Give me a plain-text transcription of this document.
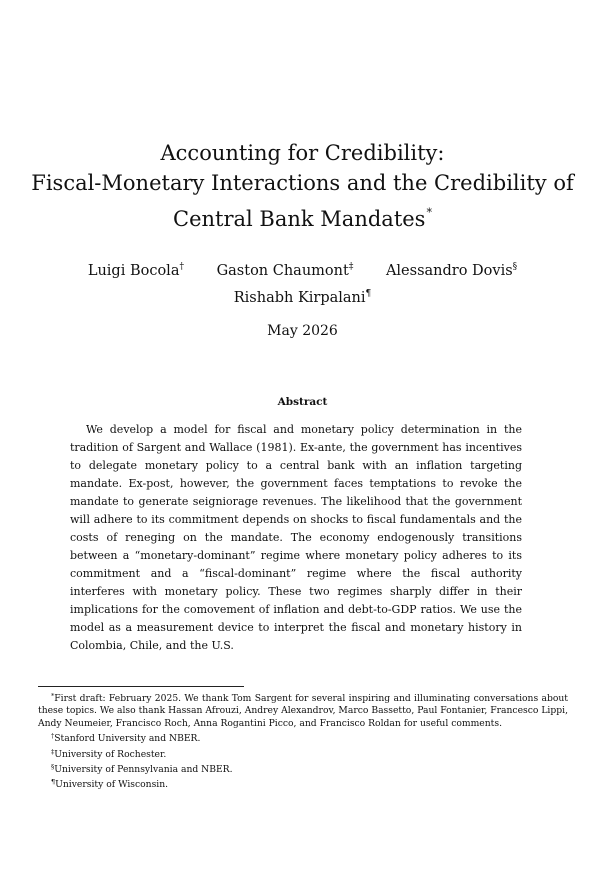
Accounting for Credibility:
Fiscal-Monetary Interactions and the Credibility of
Central Bank Mandates*
Luigi Bocola† Gaston Chaumont‡ Alessandro Dovis§
Rishabh Kirpalani¶
May 2026
Abstract

We develop a model for fiscal and monetary policy determination in the tradition of Sargent and Wallace (1981). Ex-ante, the government has incentives to delegate monetary policy to a central bank with an inflation targeting mandate. Ex-post, however, the government faces temptations to revoke the mandate to generate seigniorage revenues. The likelihood that the government will adhere to its commitment depends on shocks to fiscal fundamentals and the costs of reneging on the mandate. The economy endogenously transitions between a “monetary-dominant” regime where monetary policy adheres to its commitment and a “fiscal-dominant” regime where the fiscal authority interferes with monetary policy. These two regimes sharply differ in their implications for the comovement of inflation and debt-to-GDP ratios. We use the model as a measurement device to interpret the fiscal and monetary history in Colombia, Chile, and the U.S.

*First draft: February 2025. We thank Tom Sargent for several inspiring and illuminating conversations about these topics. We also thank Hassan Afrouzi, Andrey Alexandrov, Marco Bassetto, Paul Fontanier, Francesco Lippi, Andy Neumeier, Francisco Roch, Anna Rogantini Picco, and Francisco Roldan for useful comments.

†Stanford University and NBER.

‡University of Rochester.

§University of Pennsylvania and NBER.

¶University of Wisconsin.
